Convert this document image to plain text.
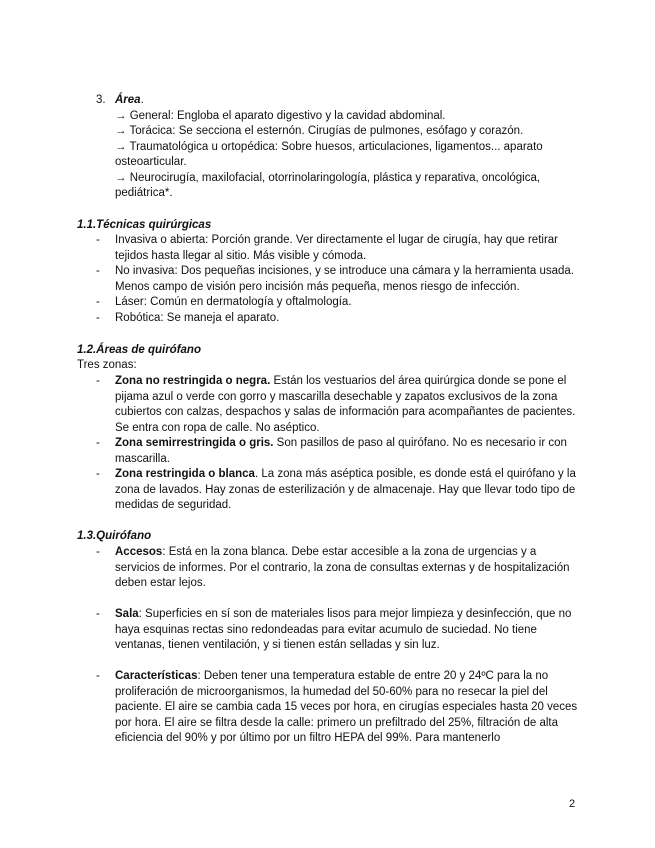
3. Área.
→ General: Engloba el aparato digestivo y la cavidad abdominal.
→ Torácica: Se secciona el esternón. Cirugías de pulmones, esófago y corazón.
→ Traumatológica u ortopédica: Sobre huesos, articulaciones, ligamentos... aparato osteoarticular.
→ Neurocirugía, maxilofacial, otorrinolaringología, plástica y reparativa, oncológica, pediátrica*.
1.1.Técnicas quirúrgicas
- Invasiva o abierta: Porción grande. Ver directamente el lugar de cirugía, hay que retirar tejidos hasta llegar al sitio. Más visible y cómoda.
- No invasiva: Dos pequeñas incisiones, y se introduce una cámara y la herramienta usada. Menos campo de visión pero incisión más pequeña, menos riesgo de infección.
- Láser: Común en dermatología y oftalmología.
- Robótica: Se maneja el aparato.
1.2.Áreas de quirófano
Tres zonas:
- Zona no restringida o negra. Están los vestuarios del área quirúrgica donde se pone el pijama azul o verde con gorro y mascarilla desechable y zapatos exclusivos de la zona cubiertos con calzas, despachos y salas de información para acompañantes de pacientes. Se entra con ropa de calle. No aséptico.
- Zona semirrestringida o gris. Son pasillos de paso al quirófano. No es necesario ir con mascarilla.
- Zona restringida o blanca. La zona más aséptica posible, es donde está el quirófano y la zona de lavados. Hay zonas de esterilización y de almacenaje. Hay que llevar todo tipo de medidas de seguridad.
1.3.Quirófano
- Accesos: Está en la zona blanca. Debe estar accesible a la zona de urgencias y a servicios de informes. Por el contrario, la zona de consultas externas y de hospitalización deben estar lejos.
- Sala: Superficies en sí son de materiales lisos para mejor limpieza y desinfección, que no haya esquinas rectas sino redondeadas para evitar acumulo de suciedad. No tiene ventanas, tienen ventilación, y si tienen están selladas y sin luz.
- Características: Deben tener una temperatura estable de entre 20 y 24ºC para la no proliferación de microorganismos, la humedad del 50-60% para no resecar la piel del paciente. El aire se cambia cada 15 veces por hora, en cirugías especiales hasta 20 veces por hora. El aire se filtra desde la calle: primero un prefiltrado del 25%, filtración de alta eficiencia del 90% y por último por un filtro HEPA del 99%. Para mantenerlo
2
